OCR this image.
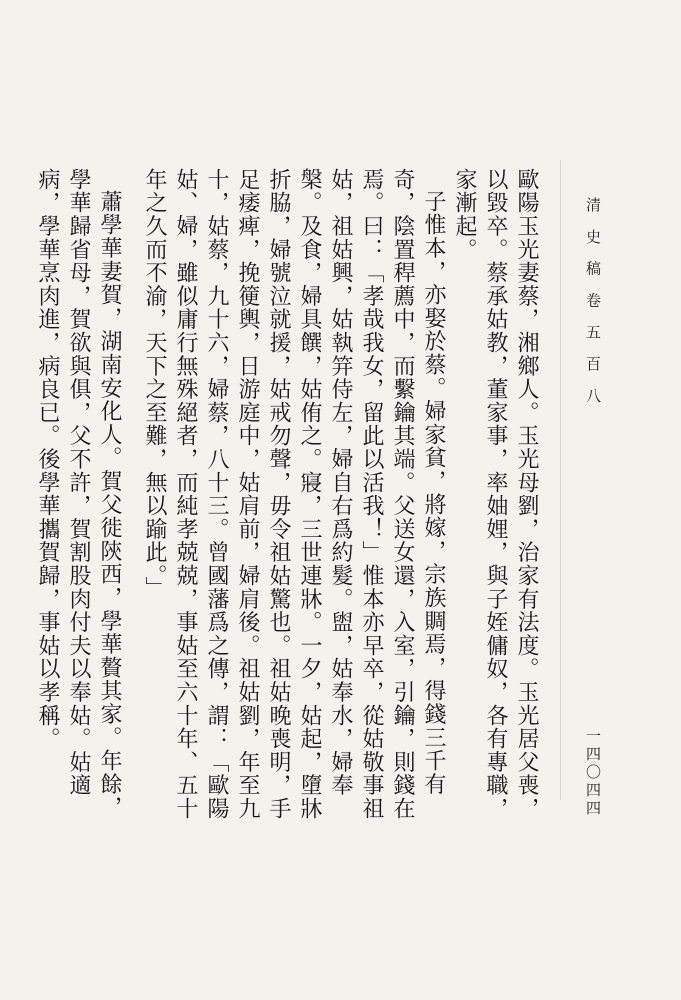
清 史 稿 卷 五 百 八
一四〇四四

歐陽玉光妻蔡，湘鄉人。玉光母劉，治家有法度。玉光居父喪，以毀卒。蔡承姑教，董家事，率妯娌，與子姪傭奴，各有專職，家漸起。

子惟本，亦娶於蔡。婦家貧，將嫁，宗族賙焉，得錢三千有奇，陰置稈薦中，而繫鑰其端。父送女還，入室，引鑰，則錢在焉。曰：「孝哉我女，留此以活我！」惟本亦早卒，從姑敬事祖姑，祖姑興，姑執笄侍左，婦自右爲約髮。盥，姑奉水，婦奉槃。及食，婦具饌，姑侑之。寢，三世連牀。一夕，姑起，墮牀折脇，婦號泣就援，姑戒勿聲，毋令祖姑驚也。祖姑晚喪明，手足痿痺，挽箯輿，日游庭中，姑肩前，婦肩後。祖姑劉，年至九十，姑蔡，九十六，婦蔡，八十三。曾國藩爲之傳，謂：「歐陽姑、婦，雖似庸行無殊絕者，而純孝兢兢，事姑至六十年、五十年之久而不渝，天下之至難，無以踰此。」

蕭學華妻賀，湖南安化人。賀父徙陝西，學華贅其家。年餘，學華歸省母，賀欲與俱，父不許，賀割股肉付夫以奉姑。姑適病，學華烹肉進，病良已。後學華攜賀歸，事姑以孝稱。
